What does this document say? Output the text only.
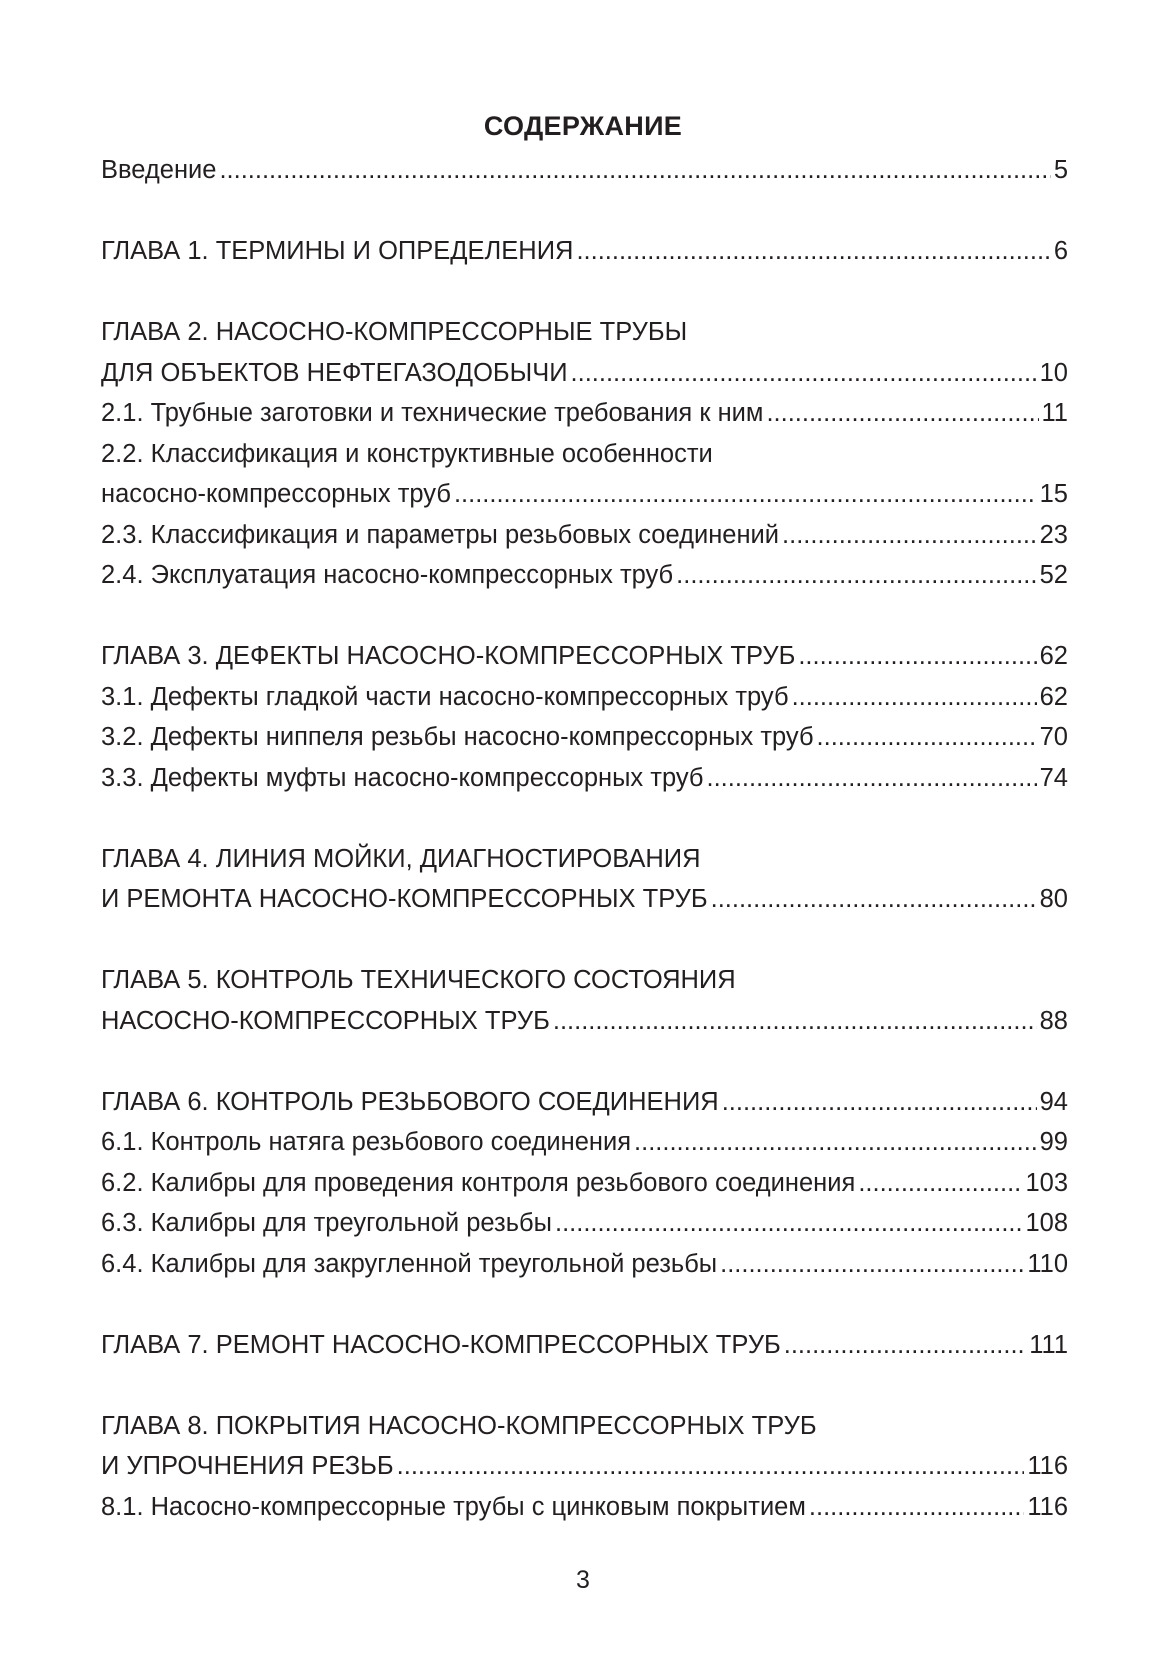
СОДЕРЖАНИЕ
Введение .....	5
ГЛАВА 1. ТЕРМИНЫ И ОПРЕДЕЛЕНИЯ .....	6
ГЛАВА 2. НАСОСНО-КОМПРЕССОРНЫЕ ТРУБЫ
ДЛЯ ОБЪЕКТОВ НЕФТЕГАЗОДОБЫЧИ .....	10
2.1. Трубные заготовки и технические требования к ним .....	11
2.2. Классификация и конструктивные особенности
насосно-компрессорных труб .....	15
2.3. Классификация и параметры резьбовых соединений .....	23
2.4. Эксплуатация насосно-компрессорных труб .....	52
ГЛАВА 3. ДЕФЕКТЫ НАСОСНО-КОМПРЕССОРНЫХ ТРУБ .....	62
3.1. Дефекты гладкой части насосно-компрессорных труб .....	62
3.2. Дефекты ниппеля резьбы насосно-компрессорных труб .....	70
3.3. Дефекты муфты насосно-компрессорных труб .....	74
ГЛАВА 4. ЛИНИЯ МОЙКИ, ДИАГНОСТИРОВАНИЯ
И РЕМОНТА НАСОСНО-КОМПРЕССОРНЫХ ТРУБ .....	80
ГЛАВА 5. КОНТРОЛЬ ТЕХНИЧЕСКОГО СОСТОЯНИЯ
НАСОСНО-КОМПРЕССОРНЫХ ТРУБ .....	88
ГЛАВА 6. КОНТРОЛЬ РЕЗЬБОВОГО СОЕДИНЕНИЯ .....	94
6.1. Контроль натяга резьбового соединения .....	99
6.2. Калибры для проведения контроля резьбового соединения .....	103
6.3. Калибры для треугольной резьбы .....	108
6.4. Калибры для закругленной треугольной резьбы .....	110
ГЛАВА 7. РЕМОНТ НАСОСНО-КОМПРЕССОРНЫХ ТРУБ .....	111
ГЛАВА 8. ПОКРЫТИЯ НАСОСНО-КОМПРЕССОРНЫХ ТРУБ
И УПРОЧНЕНИЯ РЕЗЬБ .....	116
8.1. Насосно-компрессорные трубы с цинковым покрытием .....	116
3
